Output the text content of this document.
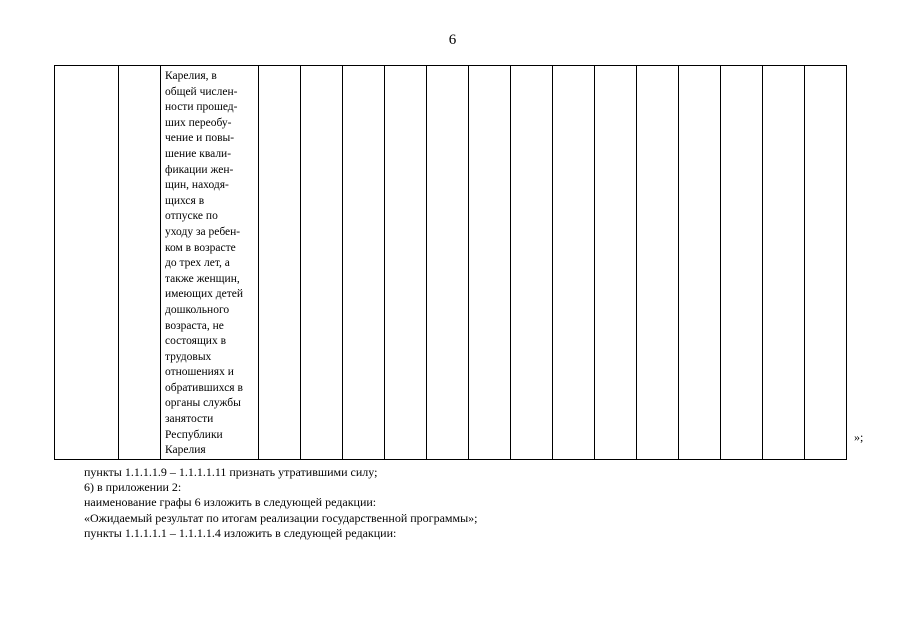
6

Карелия, в
общей числен-
ности прошед-
ших переобу-
чение и повы-
шение квали-
фикации жен-
щин, находя-
щихся в
отпуске по
уходу за ребен-
ком в возрасте
до трех лет, а
также женщин,
имеющих детей
дошкольного
возраста, не
состоящих в
трудовых
отношениях и
обратившихся в
органы службы
занятости
Республики
Карелия

»;
пункты 1.1.1.1.9 – 1.1.1.1.11 признать утратившими силу;
6) в приложении 2:
наименование графы 6 изложить в следующей редакции:
«Ожидаемый результат по итогам реализации государственной программы»;
пункты 1.1.1.1.1 – 1.1.1.1.4 изложить в следующей редакции:
